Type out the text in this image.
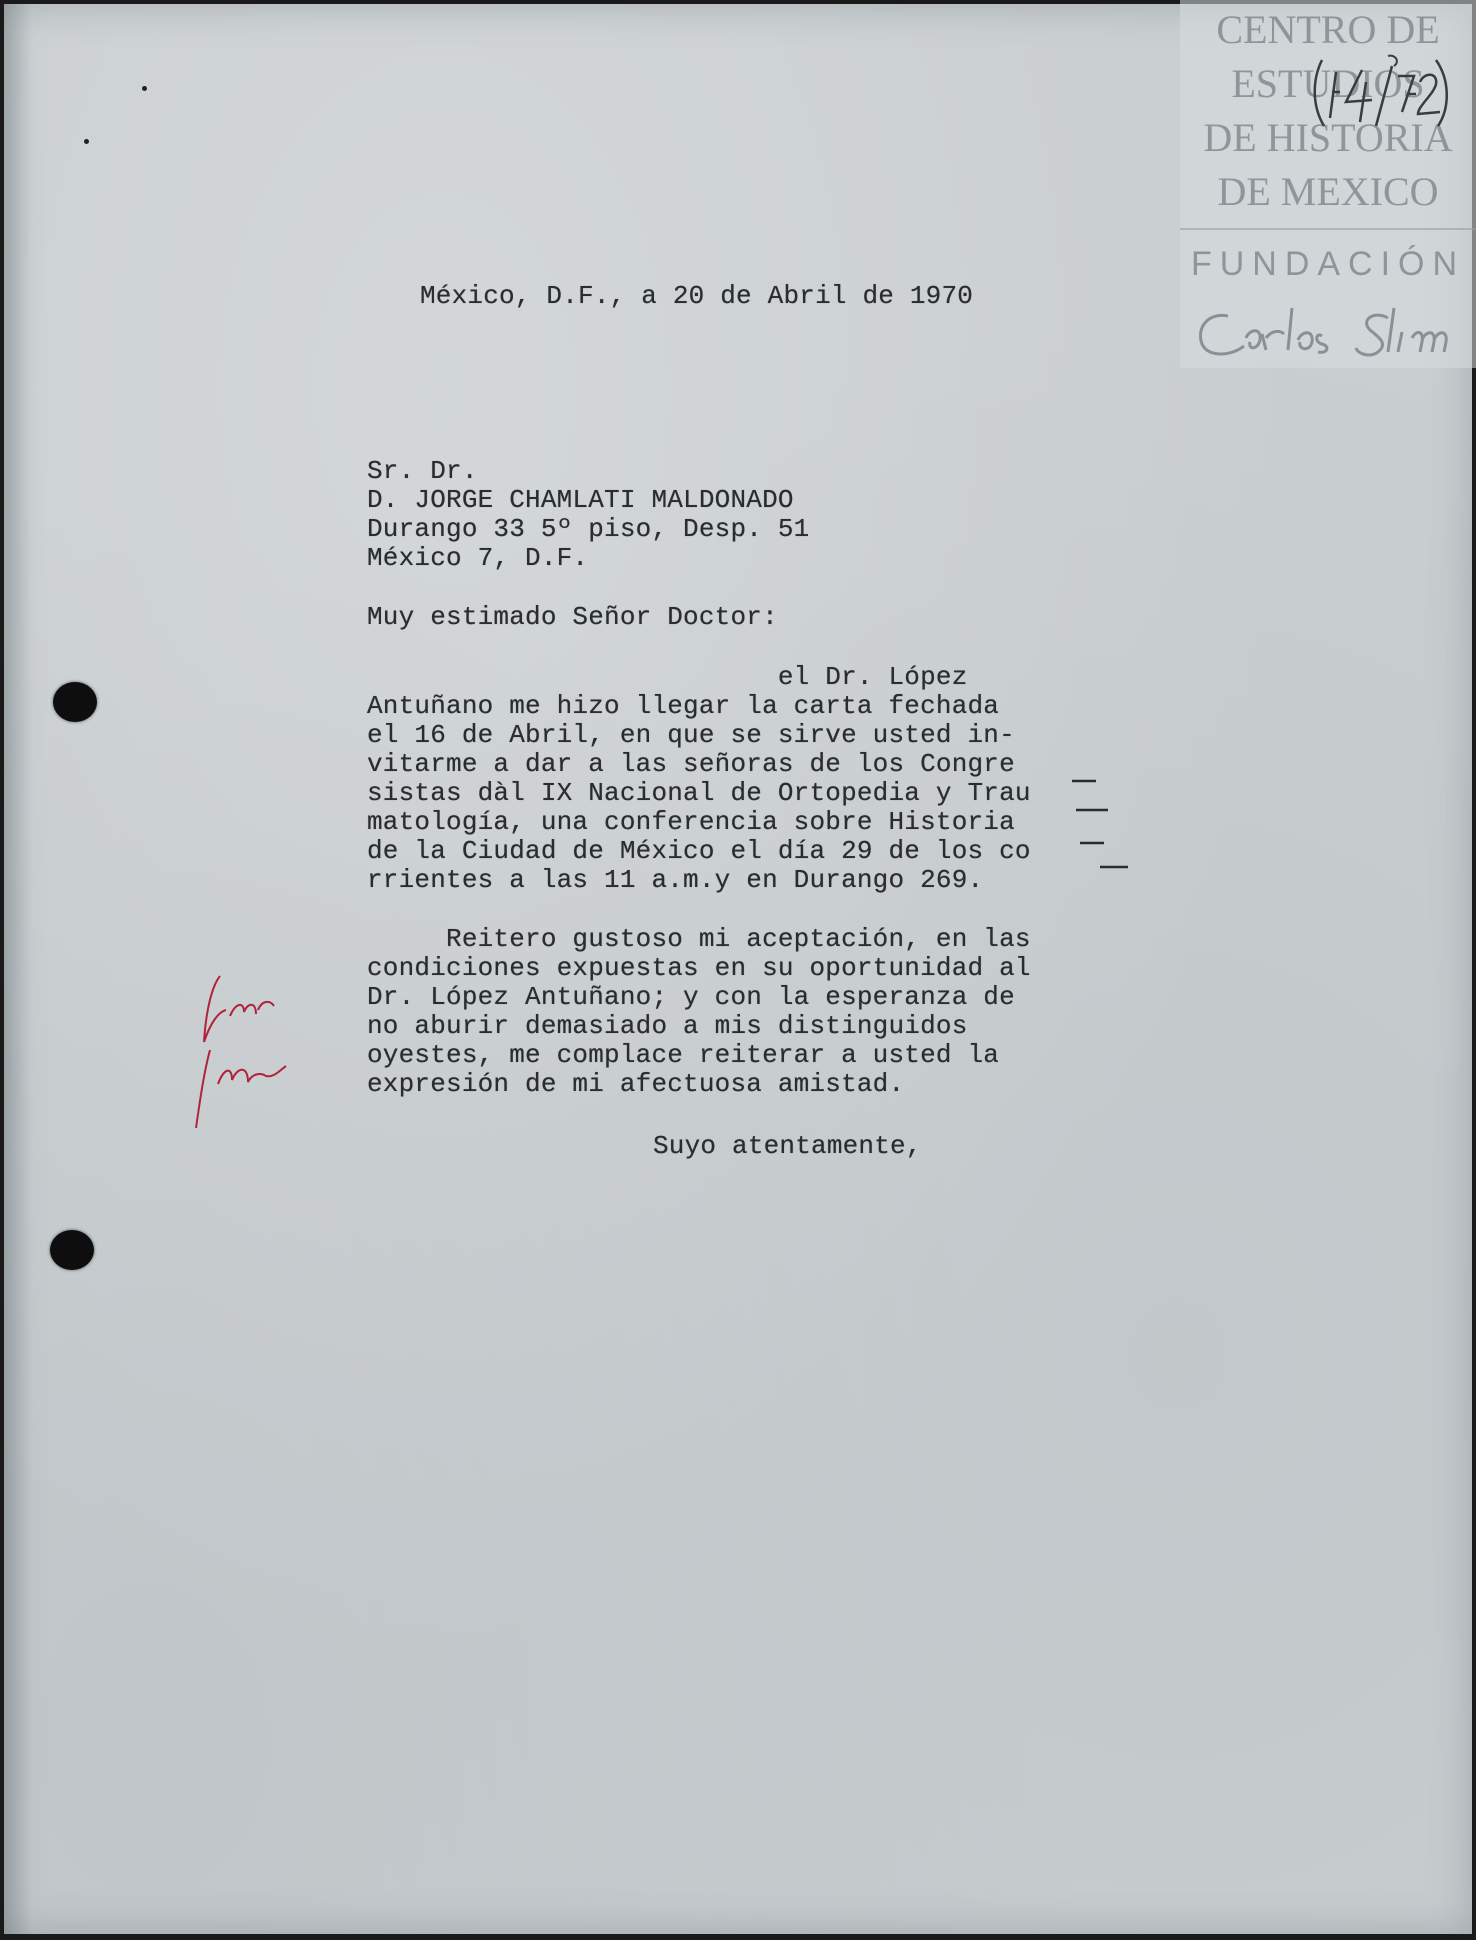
CENTRO DE
ESTUDIOS
DE HISTORIA
DE MEXICO
FUNDACIÓN
México, D.F., a 20 de Abril de 1970
Sr. Dr.
D. JORGE CHAMLATI MALDONADO
Durango 33 5º piso, Desp. 51
México 7, D.F.
Muy estimado Señor Doctor:
el Dr. López
Antuñano me hizo llegar la carta fechada
el 16 de Abril, en que se sirve usted in-
vitarme a dar a las señoras de los Congre
sistas dàl IX Nacional de Ortopedia y Trau
matología, una conferencia sobre Historia
de la Ciudad de México el día 29 de los co
rrientes a las 11 a.m.y en Durango 269.
Reitero gustoso mi aceptación, en las
condiciones expuestas en su oportunidad al
Dr. López Antuñano; y con la esperanza de
no aburir demasiado a mis distinguidos
oyestes, me complace reiterar a usted la
expresión de mi afectuosa amistad.
Suyo atentamente,
